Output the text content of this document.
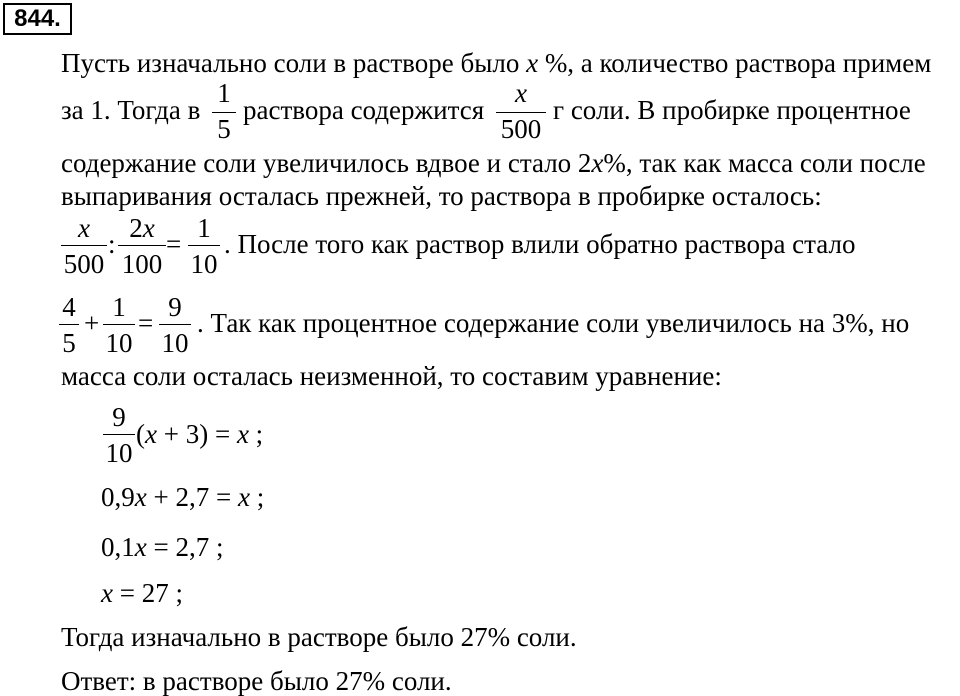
844.
Пусть изначально соли в растворе было x %, а количество раствора примем
за 1. Тогда в
1
5
раствора содержится
x
500
г соли. В пробирке процентное
содержание соли увеличилось вдвое и стало 2x%, так как масса соли после
выпаривания осталась прежней, то раствора в пробирке осталось:
x
500
:
2x
100
=
1
10
. После того как раствор влили обратно раствора стало
4
5
+
1
10
=
9
10
. Так как процентное содержание соли увеличилось на 3%, но
масса соли осталась неизменной, то составим уравнение:
9
10
(x + 3) = x ;
0,9x + 2,7 = x ;
0,1x = 2,7 ;
x = 27 ;
Тогда изначально в растворе было 27% соли.
Ответ: в растворе было 27% соли.
